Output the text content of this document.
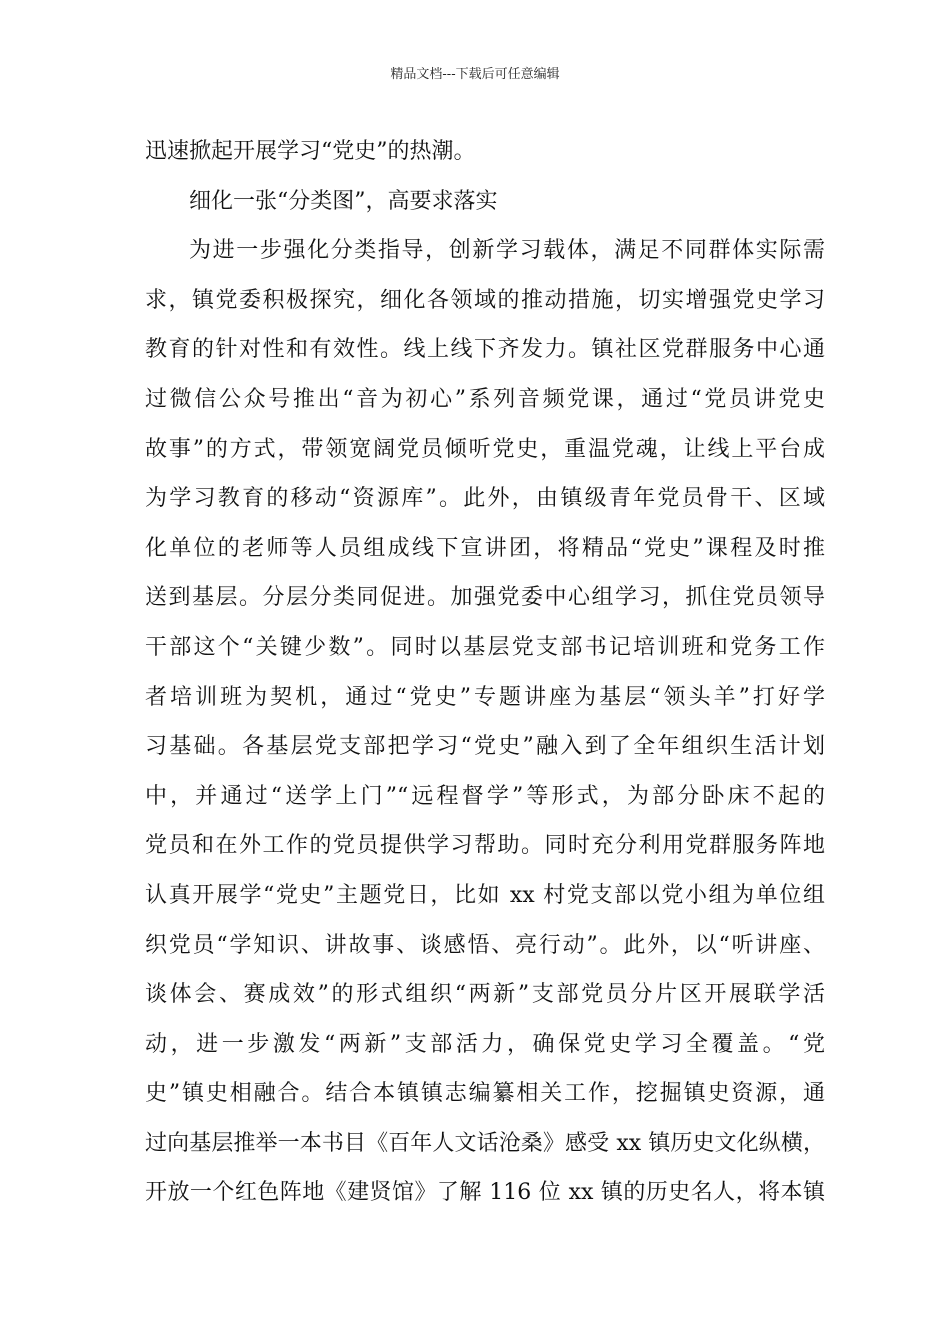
精品文档---下载后可任意编辑
迅速掀起开展学习“党史”的热潮。
细化一张“分类图”，高要求落实
为进一步强化分类指导，创新学习载体，满足不同群体实际需
求，镇党委积极探究，细化各领域的推动措施，切实增强党史学习
教育的针对性和有效性。线上线下齐发力。镇社区党群服务中心通
过微信公众号推出“音为初心”系列音频党课，通过“党员讲党史
故事”的方式，带领宽阔党员倾听党史，重温党魂，让线上平台成
为学习教育的移动“资源库”。此外，由镇级青年党员骨干、区域
化单位的老师等人员组成线下宣讲团，将精品“党史”课程及时推
送到基层。分层分类同促进。加强党委中心组学习，抓住党员领导
干部这个“关键少数”。同时以基层党支部书记培训班和党务工作
者培训班为契机，通过“党史”专题讲座为基层“领头羊”打好学
习基础。各基层党支部把学习“党史”融入到了全年组织生活计划
中，并通过“送学上门”“远程督学”等形式，为部分卧床不起的
党员和在外工作的党员提供学习帮助。同时充分利用党群服务阵地
认真开展学“党史”主题党日，比如 xx 村党支部以党小组为单位组
织党员“学知识、讲故事、谈感悟、亮行动”。此外，以“听讲座、
谈体会、赛成效”的形式组织“两新”支部党员分片区开展联学活
动，进一步激发“两新”支部活力，确保党史学习全覆盖。“党
史”镇史相融合。结合本镇镇志编纂相关工作，挖掘镇史资源，通
过向基层推举一本书目《百年人文话沧桑》感受 xx 镇历史文化纵横，
开放一个红色阵地《建贤馆》了解 116 位 xx 镇的历史名人，将本镇
